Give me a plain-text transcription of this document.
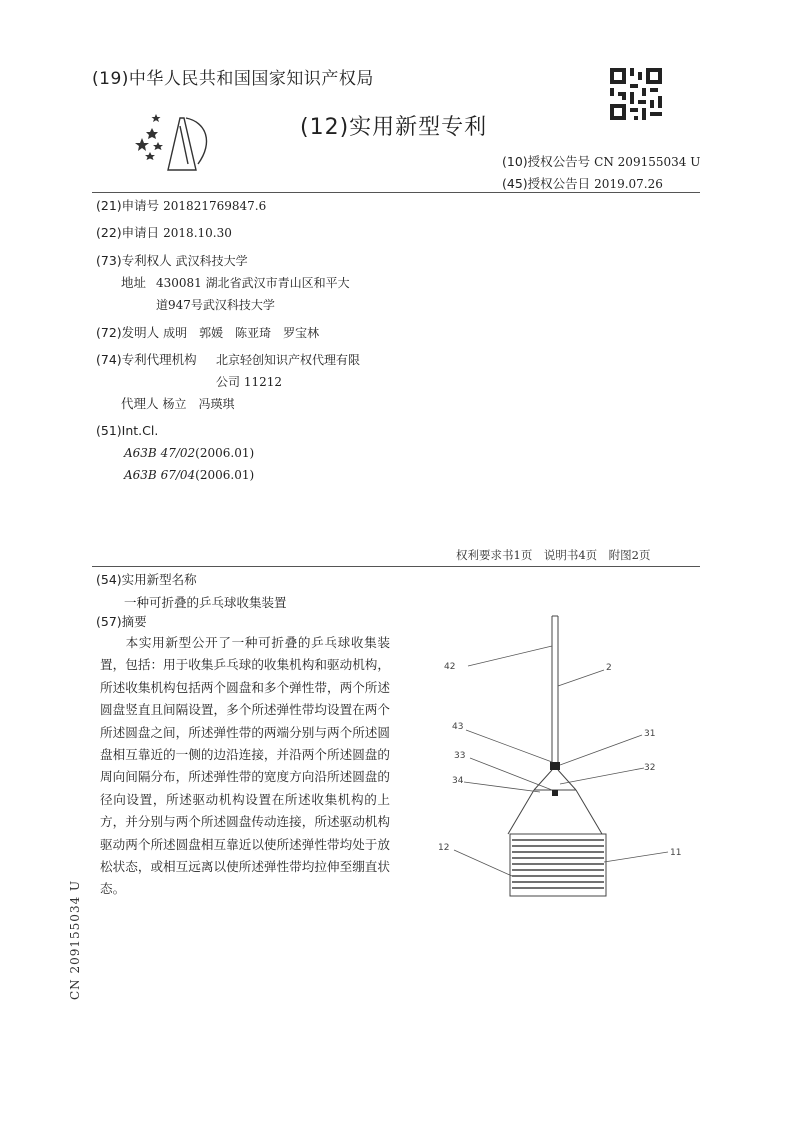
(19)中华人民共和国国家知识产权局
(12)实用新型专利
(10)授权公告号 CN 209155034 U
(45)授权公告日 2019.07.26
(21)申请号 201821769847.6
(22)申请日 2018.10.30
(73)专利权人 武汉科技大学
地址 430081 湖北省武汉市青山区和平大
道947号武汉科技大学
(72)发明人 成明　郭媛　陈亚琦　罗宝林
(74)专利代理机构 北京轻创知识产权代理有限
公司 11212
代理人 杨立　冯瑛琪
(51)Int.Cl.
A63B 47/02(2006.01)
A63B 67/04(2006.01)
权利要求书1页　说明书4页　附图2页
(54)实用新型名称
一种可折叠的乒乓球收集装置
(57)摘要
本实用新型公开了一种可折叠的乒乓球收集装置，包括：用于收集乒乓球的收集机构和驱动机构，所述收集机构包括两个圆盘和多个弹性带，两个所述圆盘竖直且间隔设置，多个所述弹性带均设置在两个所述圆盘之间，所述弹性带的两端分别与两个所述圆盘相互靠近的一侧的边沿连接，并沿两个所述圆盘的周向间隔分布，所述弹性带的宽度方向沿所述圆盘的径向设置，所述驱动机构设置在所述收集机构的上方，并分别与两个所述圆盘传动连接，所述驱动机构驱动两个所述圆盘相互靠近以使所述弹性带均处于放松状态，或相互远离以使所述弹性带均拉伸至绷直状态。
42	2
43
31
33
32
34
12	11
CN 209155034 U
